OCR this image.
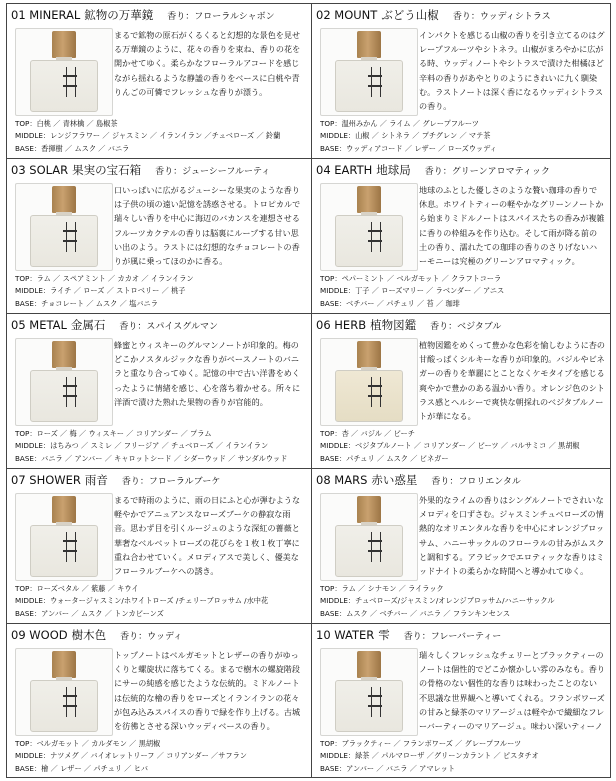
01 MINERAL 鉱物の万華鏡 香り：フローラルシャボン
まるで鉱物の原石がくるくると幻想的な景色を見せる万華鏡のように、花々の香りを束ね、香りの花を開かせてゆく。柔らかなフローラルアコードを感じながら揺れるような静謐の香りをベースに白桃や青りんごの可憐でフレッシュな香りが漂う。
TOP：白桃 ／ 青林檎 ／ 島椒茶
MIDDLE：レンジフラワー ／ ジャスミン ／ イランイラン ／チュベローズ ／ 鈴蘭
BASE：香揮樹 ／ ムスク ／ バニラ
02 MOUNT ぶどう山椒 香り：ウッディシトラス
インパクトを感じる山椒の香りを引き立てるのはグレープフルーツやシトネラ。山椒がまろやかに広がる時、ウッディノートやシトラスで漬けた柑橘ほど辛料の香りがあやとりのようにきれいに九く馴染む。ラストノートは深く香になるウッディシトラスの香り。
TOP：温州みかん ／ ライム ／ グレープフルーツ
MIDDLE：山椒 ／ シトネラ ／ プチグレン ／ マテ茶
BASE：ウッディアコード ／ レザー ／ ローズウッディ
03 SOLAR 果実の宝石箱 香り：ジューシーフルーティ
口いっぱいに広がるジューシーな果実のような香りは子供の頃の遠い記憶を誘惑させる。トロピカルで瑞々しい香りを中心に海辺のバカンスを連想させるフルーツカクテルの香りは脳裏にループする甘い思い出のよう。ラストには幻想的なチョコレートの香りが風に乗ってほのかに香る。
TOP：ラム ／ スペアミント ／ カカオ ／ イランイラン
MIDDLE：ライチ ／ ローズ ／ ストロベリー ／ 桃子
BASE：チョコレート ／ ムスク ／ 塩バニラ
04 EARTH 地球局 香り：グリーンアロマティック
地球のふとした優しさのような贅い珈琲の香りで休息。ホワイトティーの軽やかなグリーンノートから始まりミドルノートはスパイスたちの香みが複雑に香りの枠組みを作り込む。そして雨が降る前の土の香り、濡れたての珈琲の香りのさりげないハーモニーは究極のグリーンアロマティック。
TOP：ペパーミント ／ ベルガモット ／ クラフトコーラ
MIDDLE：丁子 ／ ローズマリー ／ ラベンダー ／ アニス
BASE：ベチバー ／ パチュリ ／ 苔 ／ 珈琲
05 METAL 金属石 香り：スパイスグルマン
蜂蜜とウィスキーのグルマンノートが印象的。梅のどこかノスタルジックな香りがベースノートのバニラと重なり合ってゆく。記憶の中で古い洋書をめくったように情緒を感じ、心を落ち着かせる。所々に洋酒で漬けた熟れた果物の香りが官能的。
TOP：ローズ ／ 梅 ／ ウィスキー ／ コリアンダー ／ プラム
MIDDLE：はちみつ ／ スミレ ／ フリージア ／ チュベローズ ／ イランイラン
BASE：バニラ ／ アンバー ／ キャロットシード ／ シダーウッド ／ サンダルウッド
06 HERB 植物図鑑 香り：ベジタブル
植物図鑑をめくって豊かな色彩を愉しむように杏の甘酸っぱくシルキーな香りが印象的。バジルやビネガーの香りを華麗にとことなくケモタイプを感じる爽やかで豊かのある温かい香り。オレンジ色のシトラス感とヘルシーで爽快な朝採れのベジタブルノートが華になる。
TOP：杏 ／ バジル ／ ビーチ
MIDDLE：ベジタブルノート ／ コリアンダー ／ ビーツ ／ バルサミコ ／ 黒胡椒
BASE：パチュリ ／ ムスク ／ ビネガー
07 SHOWER 雨音 香り：フローラルブーケ
まるで時雨のように、雨の日にふと心が弾むような軽やかでアニュアンスなローズブーケの静寂な雨音。思わず目を引くルージュのような深紅の薔薇と華奢なベルベットローズの花びらを１枚１枚丁寧に重ね合わせていく。メロディアスで美しく、優美なフローラルブーケへの誘き。
TOP：ローズベタル ／ 紫藤 ／ キウイ
MIDDLE：ウォータージャスミン/ホワイトローズ /チェリーブロッサム /水中花
BASE：アンバー ／ ムスク ／ トンカビーンズ
08 MARS 赤い惑星 香り：フロリエンタル
外果的なライムの香りはシングルノートでされいなメロディを口ずさむ。ジャスミンチュベローズの情熱的なオリエンタルな香りを中心にオレンジブロッサム、ハニーサックルのフローラルの甘みがムスクと調和する。アラビックでエロティックな香りはミッドナイトの柔らかな時間へと導かれてゆく。
TOP：ラム ／ シナモン ／ ライラック
MIDDLE：チュベローズ/ジャスミン/オレンジブロッサム/ハニーサックル
BASE：ムスク ／ ベチバー ／ バニラ ／ フランキンセンス
09 WOOD 樹木色 香り：ウッディ
トップノートはベルガモットとレザーの香りがゆっくりと螺旋状に落ちてくる。まるで樹木の螺旋階段にサーの純感を感じたような伝統的。ミドルノートは伝統的な檜の香りをローズとイランイランの花々が包み込みスパイスの香りで緑を作り上げる。古城を彷彿とさせる深いウッディベースの香り。
TOP：ベルガモット ／ カルダモン ／ 黒胡椒
MIDDLE：ナツメグ ／ バイオレットリーフ ／ コリアンダー ／サフラン
BASE：檜 ／ レザー ／ パチュリ ／ ヒバ
10 WATER 雫 香り：フレーバーティー
瑞々しくフレッシュなチェリーとブラックティーのノートは個性的でどこか懐かしい雰のみなも。香りの骨格のない個性的な香りは味わったことのない不思議な世界観へと導いてくれる。フランボワーズの甘みと緑茶のマリアージュは軽やかで繊細なフレーバーティーのマリアージュ。味わい深いティーノ
TOP：ブラックティー ／ フランボワーズ ／ グレープフルーツ
MIDDLE：緑茶 ／ パルマローザ ／グリーンカラント ／ ピスタチオ
BASE：アンバー ／ バニラ ／ アマレット
